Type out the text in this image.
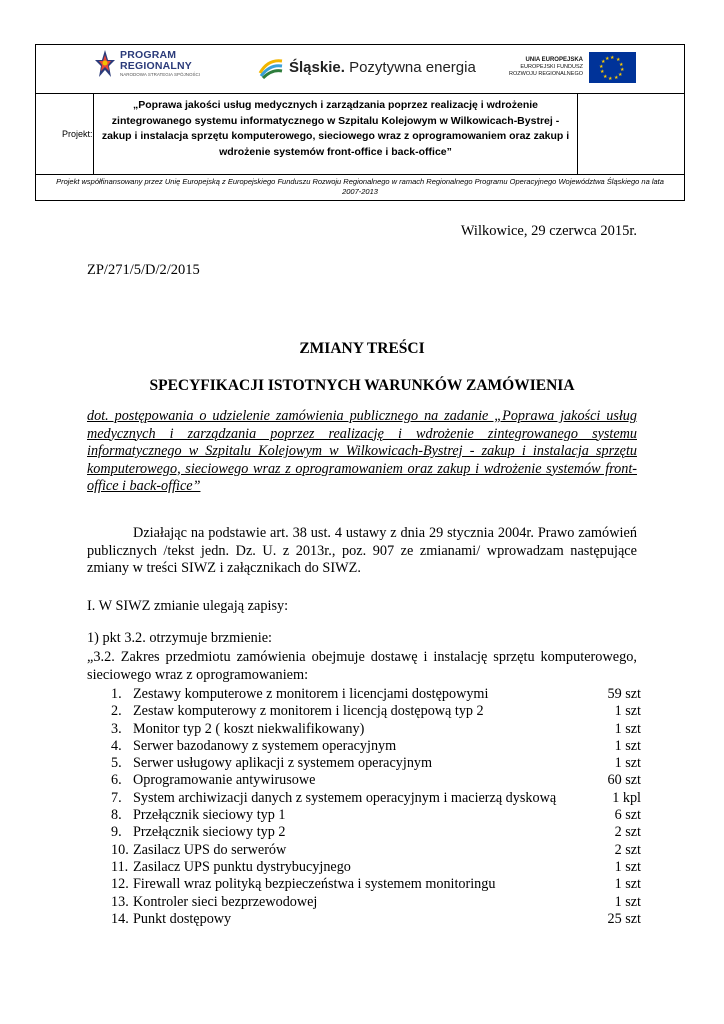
PROGRAM
REGIONALNY
NARODOWA STRATEGIA SPÓJNOŚCI	Śląskie. Pozytywna energia	UNIA EUROPEJSKA
EUROPEJSKI FUNDUSZ
ROZWOJU REGIONALNEGO
★ ★
★
★
★
★
★
★
★
★
★
★
Projekt:
„Poprawa jakości usług medycznych i zarządzania poprzez realizację i wdrożenie zintegrowanego systemu informatycznego w Szpitalu Kolejowym w Wilkowicach-Bystrej - zakup i instalacja sprzętu komputerowego, sieciowego wraz z oprogramowaniem oraz zakup i wdrożenie systemów front-office i back-office”
Projekt współfinansowany przez Unię Europejską z Europejskiego Funduszu Rozwoju Regionalnego w ramach Regionalnego Programu Operacyjnego Województwa Śląskiego na lata 2007-2013
Wilkowice, 29 czerwca 2015r.
ZP/271/5/D/2/2015
ZMIANY TREŚCI
SPECYFIKACJI ISTOTNYCH WARUNKÓW ZAMÓWIENIA
dot. postępowania o udzielenie zamówienia publicznego na zadanie „Poprawa jakości usług medycznych i zarządzania poprzez realizację i wdrożenie zintegrowanego systemu informatycznego w Szpitalu Kolejowym w Wilkowicach-Bystrej - zakup i instalacja sprzętu komputerowego, sieciowego wraz z oprogramowaniem oraz zakup i wdrożenie systemów front-office i back-office”
Działając na podstawie art. 38 ust. 4 ustawy z dnia 29 stycznia 2004r. Prawo zamówień publicznych /tekst jedn. Dz. U. z 2013r., poz. 907 ze zmianami/ wprowadzam następujące zmiany w treści SIWZ i załącznikach do SIWZ.
I. W SIWZ zmianie ulegają zapisy:
1) pkt 3.2. otrzymuje brzmienie:
„3.2. Zakres przedmiotu zamówienia obejmuje dostawę i instalację sprzętu komputerowego, sieciowego wraz z oprogramowaniem:
1. Zestawy komputerowe z monitorem i licencjami dostępowymi	59 szt
2. Zestaw komputerowy z monitorem i licencją dostępową typ 2	1 szt
3. Monitor typ 2 ( koszt niekwalifikowany)	1 szt
4. Serwer bazodanowy z systemem operacyjnym	1 szt
5. Serwer usługowy aplikacji z systemem operacyjnym	1 szt
6. Oprogramowanie antywirusowe	60 szt
7. System archiwizacji danych z systemem operacyjnym i macierzą dyskową	1 kpl
8. Przełącznik sieciowy typ 1	6 szt
9. Przełącznik sieciowy typ 2	2 szt
10. Zasilacz UPS do serwerów	2 szt
11. Zasilacz UPS punktu dystrybucyjnego	1 szt
12. Firewall wraz polityką bezpieczeństwa i systemem monitoringu	1 szt
13. Kontroler sieci bezprzewodowej	1 szt
14. Punkt dostępowy	25 szt
